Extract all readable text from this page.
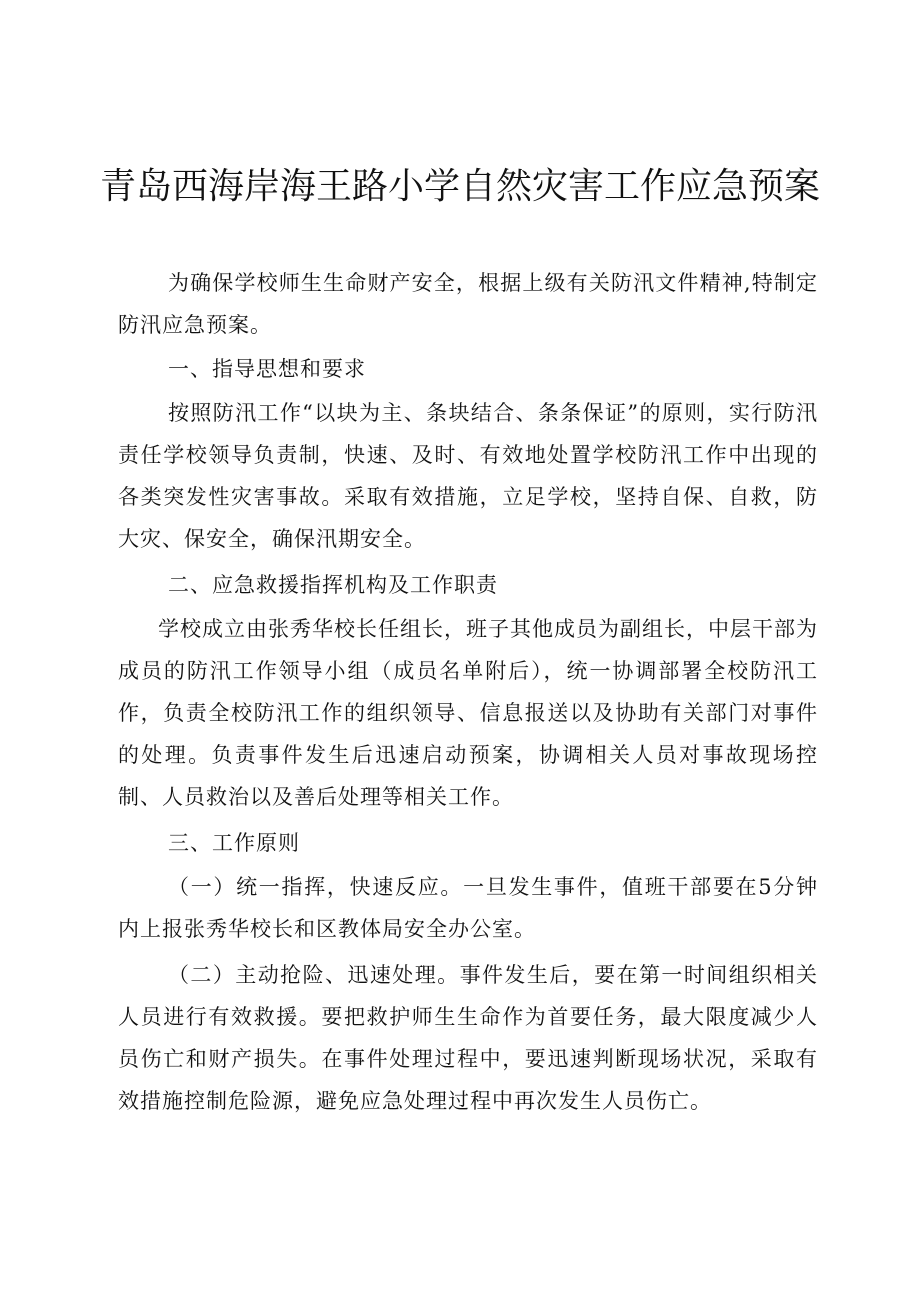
青岛西海岸海王路小学自然灾害工作应急预案

为确保学校师生生命财产安全，根据上级有关防汛文件精神,特制定防汛应急预案。

一、指导思想和要求

按照防汛工作“以块为主、条块结合、条条保证”的原则，实行防汛责任学校领导负责制，快速、及时、有效地处置学校防汛工作中出现的各类突发性灾害事故。采取有效措施，立足学校，坚持自保、自救，防大灾、保安全，确保汛期安全。

二、应急救援指挥机构及工作职责

学校成立由张秀华校长任组长，班子其他成员为副组长，中层干部为成员的防汛工作领导小组（成员名单附后），统一协调部署全校防汛工作，负责全校防汛工作的组织领导、信息报送以及协助有关部门对事件的处理。负责事件发生后迅速启动预案，协调相关人员对事故现场控制、人员救治以及善后处理等相关工作。

三、工作原则

（一）统一指挥，快速反应。一旦发生事件，值班干部要在5分钟内上报张秀华校长和区教体局安全办公室。

（二）主动抢险、迅速处理。事件发生后，要在第一时间组织相关人员进行有效救援。要把救护师生生命作为首要任务，最大限度减少人员伤亡和财产损失。在事件处理过程中，要迅速判断现场状况，采取有效措施控制危险源，避免应急处理过程中再次发生人员伤亡。
